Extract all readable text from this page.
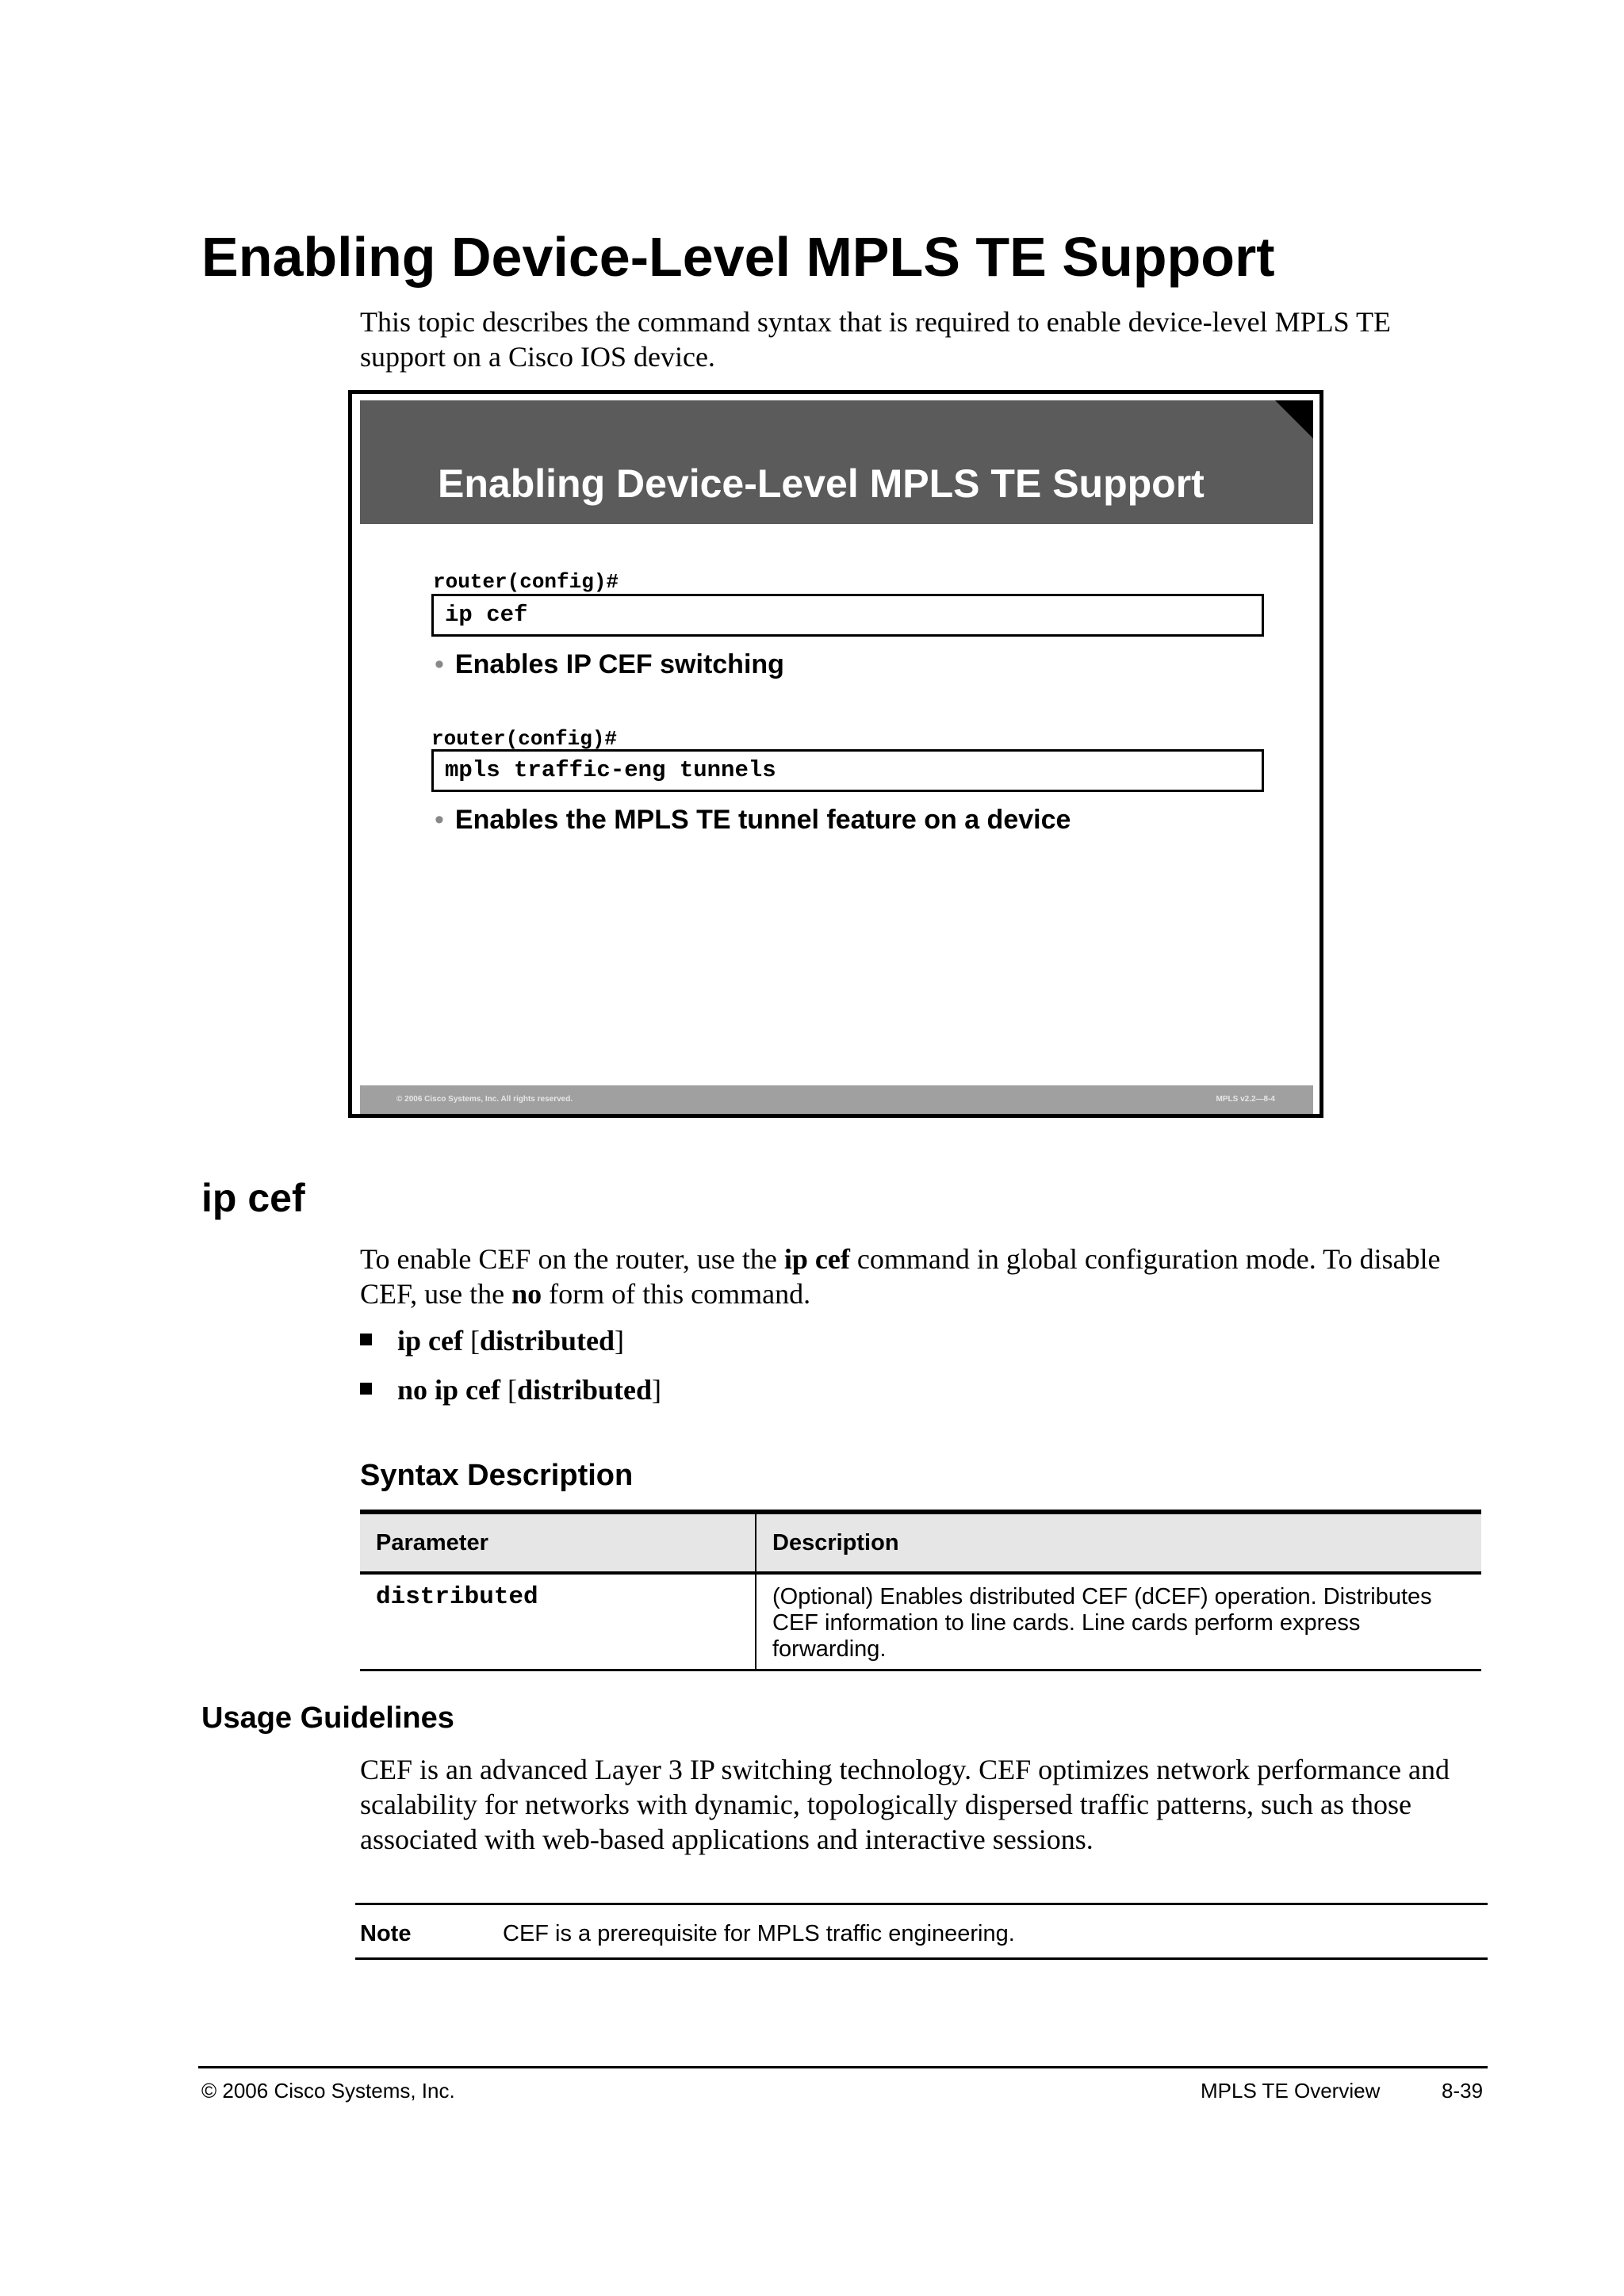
Enabling Device-Level MPLS TE Support
This topic describes the command syntax that is required to enable device-level MPLS TE support on a Cisco IOS device.
Enabling Device-Level MPLS TE Support
router(config)#
ip cef
• Enables IP CEF switching
router(config)#
mpls traffic-eng tunnels
• Enables the MPLS TE tunnel feature on a device
© 2006 Cisco Systems, Inc. All rights reserved.	MPLS v2.2—8-4
ip cef
To enable CEF on the router, use the ip cef command in global configuration mode. To disable CEF, use the no form of this command.
ip cef [distributed]
no ip cef [distributed]
Syntax Description
Parameter	Description
distributed	(Optional) Enables distributed CEF (dCEF) operation. Distributes CEF information to line cards. Line cards perform express forwarding.
Usage Guidelines
CEF is an advanced Layer 3 IP switching technology. CEF optimizes network performance and scalability for networks with dynamic, topologically dispersed traffic patterns, such as those associated with web-based applications and interactive sessions.
Note	CEF is a prerequisite for MPLS traffic engineering.
© 2006 Cisco Systems, Inc.	MPLS TE Overview	8-39
